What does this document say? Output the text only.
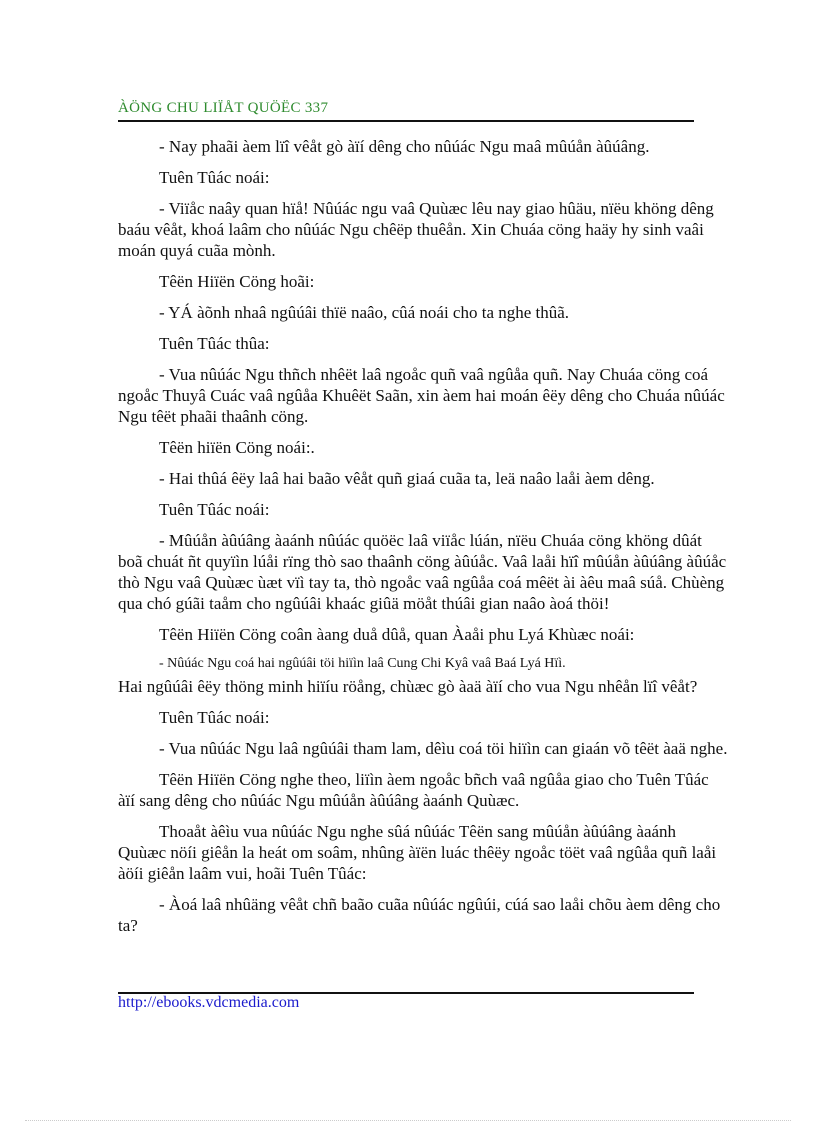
ÀÖNG CHU LIÏÅT QUÖËC 337

- Nay phaãi àem lïî vêåt gò àïí dêng cho nûúác Ngu maâ mûúån àûúâng.

Tuên Tûác noái:

- Viïåc naây quan hïå! Nûúác ngu vaâ Quùæc lêu nay giao hûäu, nïëu khöng dêng baáu vêåt, khoá laâm cho nûúác Ngu chêëp thuêån. Xin Chuáa cöng haäy hy sinh vaâi moán quyá cuãa mònh.

Têën Hiïën Cöng hoãi:

- YÁ àõnh nhaâ ngûúâi thïë naâo, cûá noái cho ta nghe thûã.

Tuên Tûác thûa:

- Vua nûúác Ngu thñch nhêët laâ ngoåc quñ vaâ ngûåa quñ. Nay Chuáa cöng coá ngoåc Thuyâ Cuác vaâ ngûåa Khuêët Saãn, xin àem hai moán êëy dêng cho Chuáa nûúác Ngu têët phaãi thaânh cöng.

Têën hiïën Cöng noái:.

- Hai thûá êëy laâ hai baão vêåt quñ giaá cuãa ta, leä naâo laåi àem dêng.

Tuên Tûác noái:

- Mûúån àûúâng àaánh nûúác quöëc laâ viïåc lúán, nïëu Chuáa cöng khöng dûát boã chuát ñt quyïìn lúåi rïng thò sao thaânh cöng àûúåc. Vaâ laåi hïî mûúån àûúâng àûúåc thò Ngu vaâ Quùæc ùæt vïì tay ta, thò ngoåc vaâ ngûåa coá mêët ài àêu maâ súå. Chùèng qua chó gúãi taåm cho ngûúâi khaác giûä möåt thúâi gian naâo àoá thöi!

Têën Hiïën Cöng coân àang duå dûå, quan Àaåi phu Lyá Khùæc noái:

- Nûúác Ngu coá hai ngûúâi töi hiïìn laâ Cung Chi Kyâ vaâ Baá Lyá Hïì.

Hai ngûúâi êëy thöng minh hiïíu röång, chùæc gò àaä àïí cho vua Ngu nhêån lïî vêåt?

Tuên Tûác noái:

- Vua nûúác Ngu laâ ngûúâi tham lam, dêìu coá töi hiïìn can giaán võ têët àaä nghe.

Têën Hiïën Cöng nghe theo, liïìn àem ngoåc bñch vaâ ngûåa giao cho Tuên Tûác àïí sang dêng cho nûúác Ngu mûúån àûúâng àaánh Quùæc.

Thoaåt àêìu vua nûúác Ngu nghe sûá nûúác Têën sang mûúån àûúâng àaánh Quùæc nöíi giêån la heát om soâm, nhûng àïën luác thêëy ngoåc töët vaâ ngûåa quñ laåi àöíi giêån laâm vui, hoãi Tuên Tûác:

- Àoá laâ nhûäng vêåt chñ baão cuãa nûúác ngûúi, cúá sao laåi chõu àem dêng cho ta?

http://ebooks.vdcmedia.com
